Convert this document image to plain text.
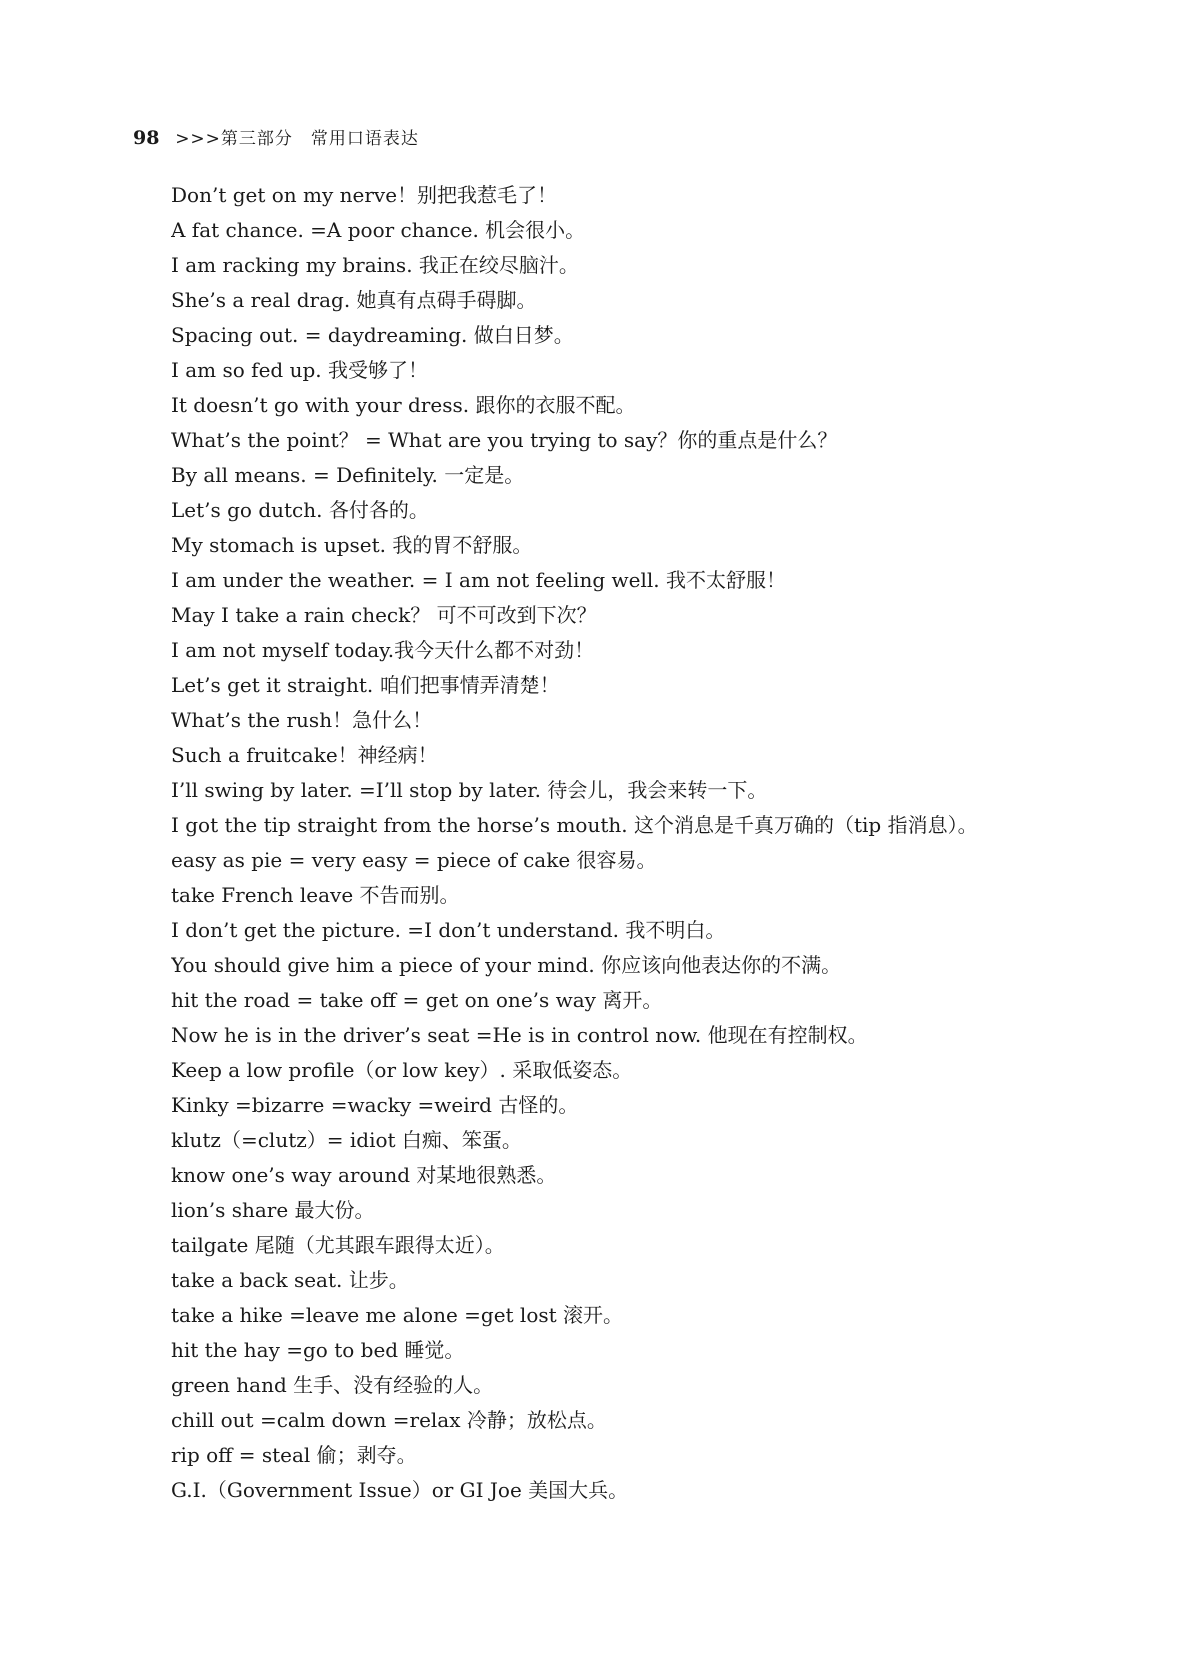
98 >>>第三部分　常用口语表达
Don’t get on my nerve！别把我惹毛了！
A fat chance. =A poor chance. 机会很小。
I am racking my brains. 我正在绞尽脑汁。
She’s a real drag. 她真有点碍手碍脚。
Spacing out. = daydreaming. 做白日梦。
I am so fed up. 我受够了！
It doesn’t go with your dress. 跟你的衣服不配。
What’s the point？ = What are you trying to say？你的重点是什么？
By all means. = Definitely. 一定是。
Let’s go dutch. 各付各的。
My stomach is upset. 我的胃不舒服。
I am under the weather. = I am not feeling well. 我不太舒服！
May I take a rain check？ 可不可改到下次？
I am not myself today.我今天什么都不对劲！
Let’s get it straight. 咱们把事情弄清楚！
What’s the rush！急什么！
Such a fruitcake！神经病！
I’ll swing by later. =I’ll stop by later. 待会儿，我会来转一下。
I got the tip straight from the horse’s mouth. 这个消息是千真万确的（tip 指消息）。
easy as pie = very easy = piece of cake 很容易。
take French leave 不告而别。
I don’t get the picture. =I don’t understand. 我不明白。
You should give him a piece of your mind. 你应该向他表达你的不满。
hit the road = take off = get on one’s way 离开。
Now he is in the driver’s seat =He is in control now. 他现在有控制权。
Keep a low profile（or low key）. 采取低姿态。
Kinky =bizarre =wacky =weird 古怪的。
klutz（=clutz）= idiot 白痴、笨蛋。
know one’s way around 对某地很熟悉。
lion’s share 最大份。
tailgate 尾随（尤其跟车跟得太近）。
take a back seat. 让步。
take a hike =leave me alone =get lost 滚开。
hit the hay =go to bed 睡觉。
green hand 生手、没有经验的人。
chill out =calm down =relax 冷静；放松点。
rip off = steal 偷；剥夺。
G.I.（Government Issue）or GI Joe 美国大兵。
